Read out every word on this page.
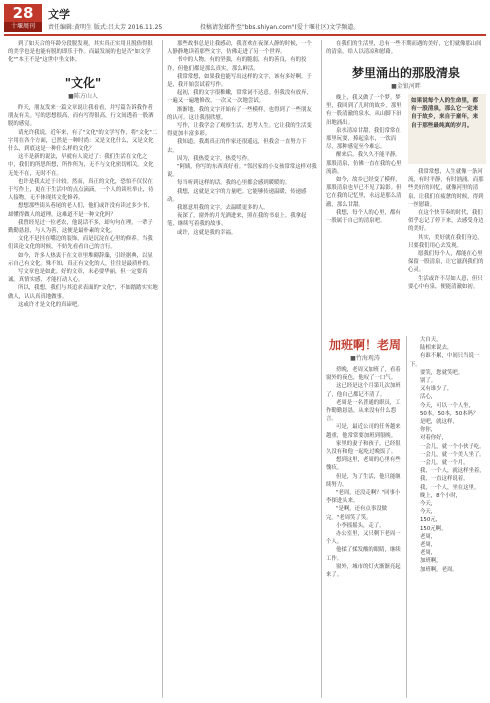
28
十堰周刊
文学
责任编辑:黄明生 版式:吕太芳 2016.11.25	投稿请发邮件至"bbs.shiyan.com"(爱十堰社区)文学频道。

到了如天合的年龄分段脱发观，其实真正实用且脱俗得很的美学也是也能有脱的即乐于作。而最发展的也是否"如文学化""本王不是"这世中坐文体。

"文化"
■陈方山人

昨天，朋友发来一篇文章说让我看看，并写篇告诉我作者朋友有关。写的思想很高，而有写得很高，行文间透着一股洒脱的感觉。

请允许我说，近年来，有了"文化"的文学写作，将"文化"二字用在各个方面，已然是一种时尚：又是文化什么，又是文化什么，到底这是一种什么样的文化？

这不是新的说法，早就有人说过了：我们生活在文化之中，我们的所思所想，所作所为，无不与文化密切相关。文化无处不在，无时不在。

也许是我太过于计较。然而，真正的文化，恐怕不仅仅在于写作上，更在于生活中的点点滴滴。一个人的谈吐举止，待人接物，无不体现其文化修养。

想想那些街头巷尾的老人们，他们或许没有读过多少书，却懂得做人的道理，这难道不是一种文化吗？

我曾经见过一位老农，他说话不多，却句句在理，一辈子勤勤恳恳，与人为善，这便是最朴素的文化。

文化不是挂在嘴边的装饰，而是沉淀在心里的修养。当我们谈论文化的时候，不妨先看看自己的言行。

如今，许多人热衷于在文章里堆砌辞藻，引经据典，以显示自己有文化。殊不知，真正有文化的人，往往是最质朴的。

写文章也是如此。好的文章，未必要华丽，但一定要真诚。真情实感，才能打动人心。

所以，我想，我们与其追求表面的"文化"，不如踏踏实实地做人，认认真真地做事。

这或许才是文化的真谛吧。

那些故事总是让我感动，我喜欢在夜深人静的时候，一个人静静地读着那些文字，仿佛走进了另一个世界。

书中的人物，有的坚强，有的脆弱，有的善良，有的狡诈，但他们都是那么真实，那么鲜活。

我常常想，如果我也能写出这样的文字，该有多好啊。于是，我开始尝试着写作。

起初，我的文字很稚嫩，常常词不达意。但我没有放弃，一遍又一遍地修改，一次又一次地尝试。

渐渐地，我的文字开始有了一些模样，也得到了一些朋友的认可。这让我很欣慰。

写作，让我学会了观察生活，思考人生。它让我的生活变得更加丰富多彩。

我知道，我离真正的作家还很遥远，但我会一直努力下去。

因为，我热爱文字，热爱写作。

"阿姨，你写的东西真好看。"邻居家的小女孩常常这样对我说。

每当听到这样的话，我的心里都会感到暖暖的。

我想，这就是文字的力量吧。它能够传递温暖，传递感动。

我愿意用我的文字，去温暖更多的人。

夜深了，窗外的月光洒进来，照在我的书桌上。我拿起笔，继续写着我的故事。

或许，这就是我的幸福。

在我们的生活里，总有一些不期而遇的美好，它们就像那山间的清泉，给人以清凉和慰藉。

梦里涌出的那股清泉
■金银河畔

晚上，我又做了一个梦。梦里，我回到了儿时的故乡，那里有一股清澈的泉水，从山脚下汩汩地涌出。

泉水清凉甘甜，我们常常在那里玩耍，捧起泉水，一饮而尽，那种感觉至今难忘。

醒来后，我久久不能平静。那股清泉，仿佛一直在我的心里流淌。

如今，故乡已经变了模样，那股清泉也早已不见了踪影。但它在我的记忆里，永远是那么清澈，那么甘甜。

我想，每个人的心里，都有一股属于自己的清泉吧。

如果说每个人的生命里，都有一股清泉，那么它一定来自于故乡，来自于童年，来自于那些最纯真的岁月。

我常常想，人生就像一条河流，有时平静，有时汹涌。而那些美好的回忆，就像河里的清泉，让我们在疲惫的时候，得到一丝慰藉。

在这个快节奏的时代，我们似乎忘记了停下来，去感受身边的美好。

其实，美好就在我们身边，只要我们用心去发现。

愿我们每个人，都能在心里保留一股清泉，让它滋润我们的心灵。

生活或许不尽如人意，但只要心中有泉，便能清澈如初。

加班啊！老周
■竹海观涛

傍晚，老周又加班了，看着窗外的夜色，他叹了一口气。

这已经是这个月第几次加班了，他自己都记不清了。

老周是一名普通的职员，工作勤勤恳恳，从来没有什么怨言。

可是，最近公司的任务越来越重，他常常要加班到很晚。

家里的妻子和孩子，已经很久没有和他一起吃过晚饭了。

想到这里，老周的心里有些愧疚。

但是，为了生活，他只能继续努力。

"老周，还没走啊？"同事小李探进头来。

"是啊，还有点事没做完。"老周笑了笑。

小李摇摇头，走了。

办公室里，又只剩下老周一个人。

他揉了揉发酸的眼睛，继续工作。

窗外，城市的灯火渐渐亮起来了。

大自天，

陆相来说去，

有谁不累，中间只当说一下。

要笑，您就笑吧。

别了。

又有谁少了，

活心，

今天，可以一个人坐，

50本，50本，50本吗？

是吧，就这样，

你你，

对着你好，

一会儿，就一个小伙子吃。

一会儿，就一个美人坐了。

一会儿，就一个月，

我，一个人，就这样坐着，

我，一直这样说着，

我，一个人，坐在这里。

晚上，8个小时，

今天，

今天，

150元，

150元啊，

老周，

老周，

老周，

加班啊，

加班啊，老周。
